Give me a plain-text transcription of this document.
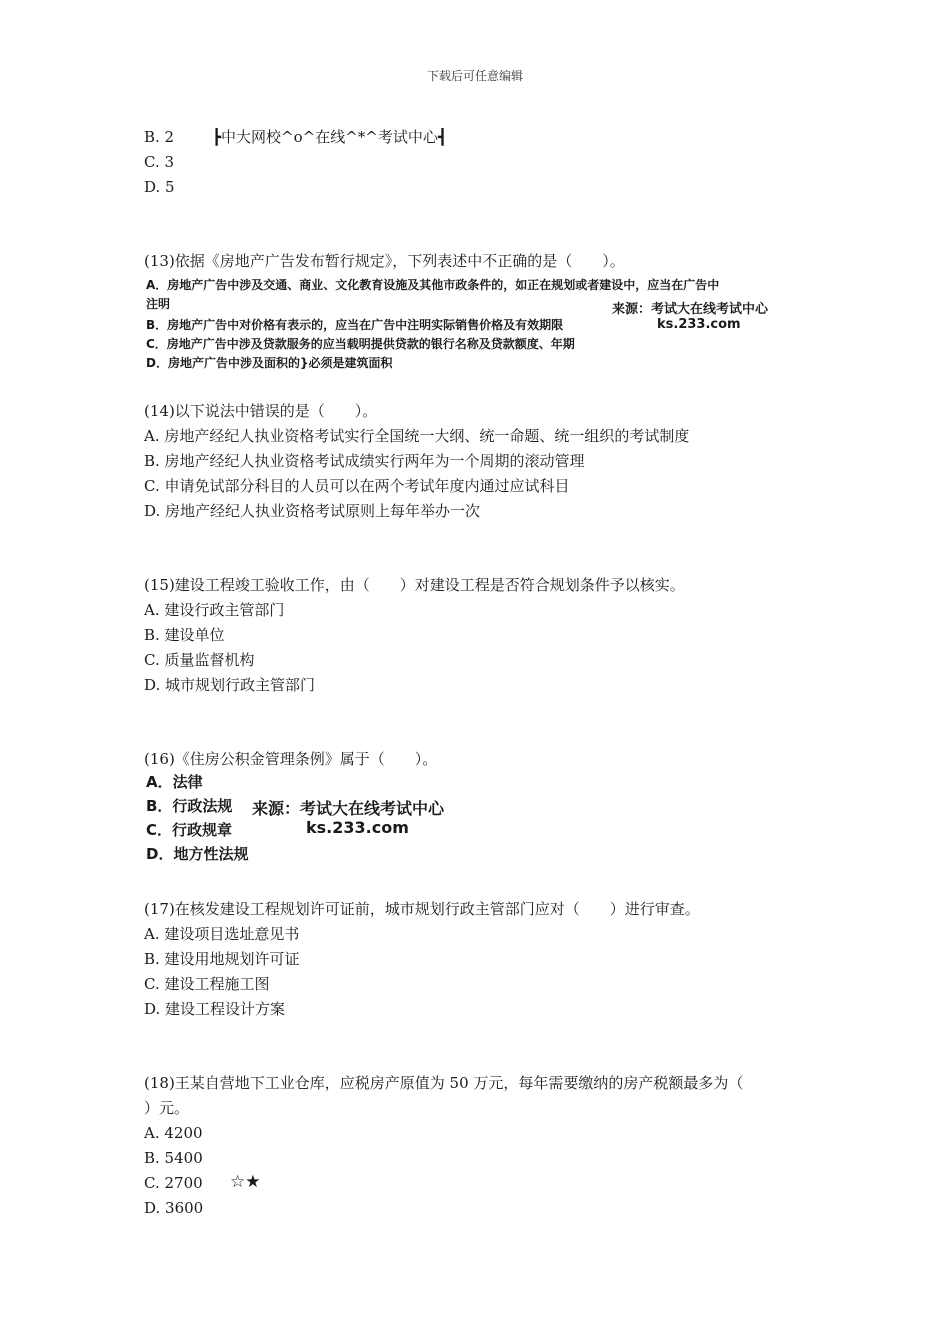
下载后可任意编辑
B. 2	┣中大网校^o^在线^*^考试中心┫
C. 3
D. 5
(13)依据《房地产广告发布暂行规定》，下列表述中不正确的是（　　）。
A．房地产广告中涉及交通、商业、文化教育设施及其他市政条件的，如正在规划或者建设中，应当在广告中
注明
B．房地产广告中对价格有表示的，应当在广告中注明实际销售价格及有效期限
C．房地产广告中涉及贷款服务的应当载明提供贷款的银行名称及贷款额度、年期
D．房地产广告中涉及面积的}必须是建筑面积
来源：考试大在线考试中心
ks.233.com
(14)以下说法中错误的是（　　）。
A. 房地产经纪人执业资格考试实行全国统一大纲、统一命题、统一组织的考试制度
B. 房地产经纪人执业资格考试成绩实行两年为一个周期的滚动管理
C. 申请免试部分科目的人员可以在两个考试年度内通过应试科目
D. 房地产经纪人执业资格考试原则上每年举办一次
(15)建设工程竣工验收工作，由（　　）对建设工程是否符合规划条件予以核实。
A. 建设行政主管部门
B. 建设单位
C. 质量监督机构
D. 城市规划行政主管部门
(16)《住房公积金管理条例》属于（　　）。
A．法律
B．行政法规
C．行政规章
D．地方性法规
来源：考试大在线考试中心
ks.233.com
(17)在核发建设工程规划许可证前，城市规划行政主管部门应对（　　）进行审查。
A. 建设项目选址意见书
B. 建设用地规划许可证
C. 建设工程施工图
D. 建设工程设计方案
(18)王某自营地下工业仓库，应税房产原值为 50 万元，每年需要缴纳的房产税额最多为（
）元。
A. 4200
B. 5400
C. 2700 ☆★
D. 3600
